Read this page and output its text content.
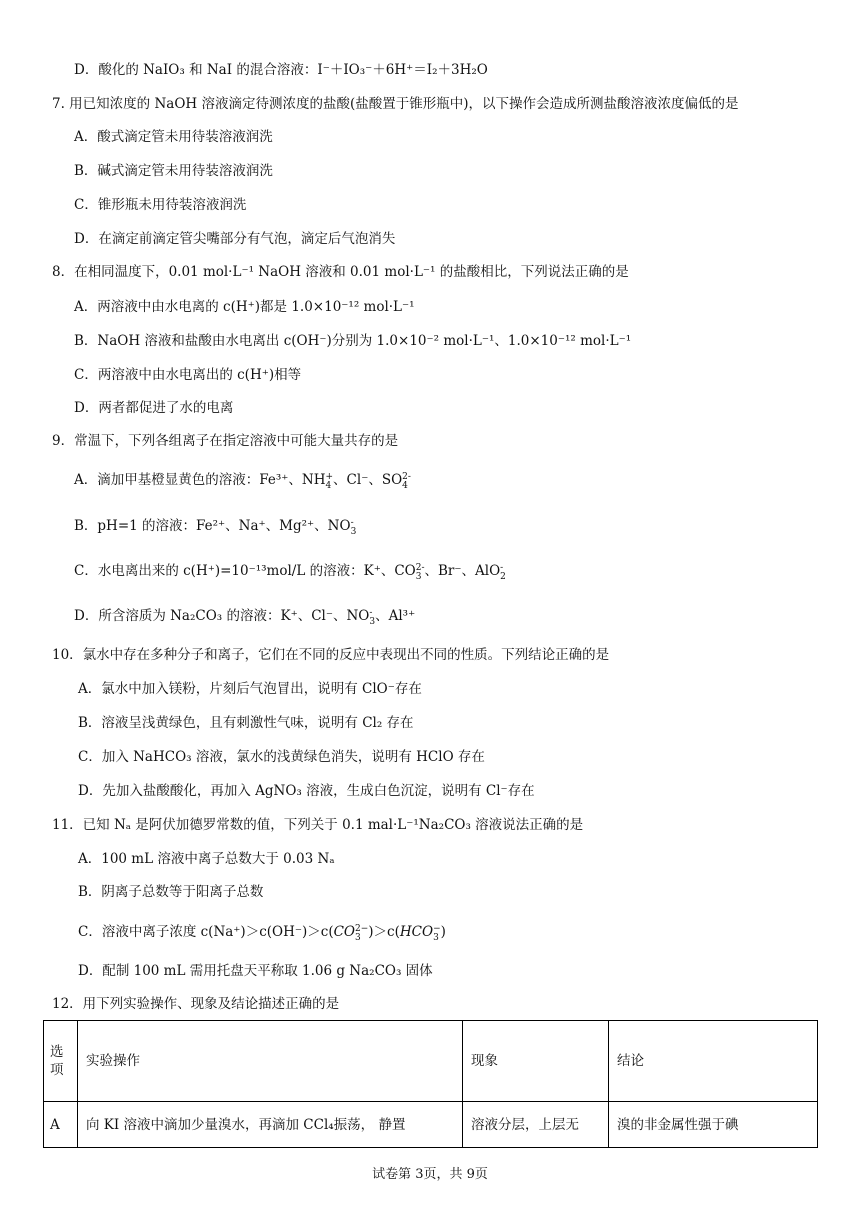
D．酸化的 NaIO₃ 和 NaI 的混合溶液：I⁻＋IO₃⁻＋6H⁺＝I₂＋3H₂O
7. 用已知浓度的 NaOH 溶液滴定待测浓度的盐酸(盐酸置于锥形瓶中)，以下操作会造成所测盐酸溶液浓度偏低的是
A．酸式滴定管未用待装溶液润洗
B．碱式滴定管未用待装溶液润洗
C．锥形瓶未用待装溶液润洗
D．在滴定前滴定管尖嘴部分有气泡，滴定后气泡消失
8．在相同温度下，0.01 mol·L⁻¹ NaOH 溶液和 0.01 mol·L⁻¹ 的盐酸相比，下列说法正确的是
A．两溶液中由水电离的 c(H⁺)都是 1.0×10⁻¹² mol·L⁻¹
B．NaOH 溶液和盐酸由水电离出 c(OH⁻)分别为 1.0×10⁻² mol·L⁻¹、1.0×10⁻¹² mol·L⁻¹
C．两溶液中由水电离出的 c(H⁺)相等
D．两者都促进了水的电离
9．常温下，下列各组离子在指定溶液中可能大量共存的是
A．滴加甲基橙显黄色的溶液：Fe³⁺、NH +
4 、Cl⁻、SO 2-
4
B．pH=1 的溶液：Fe²⁺、Na⁺、Mg²⁺、NO -
3
C．水电离出来的 c(H⁺)=10⁻¹³mol/L 的溶液：K⁺、CO 2-
3 、Br⁻、AlO -
2
D．所含溶质为 Na₂CO₃ 的溶液：K⁺、Cl⁻、NO -
3 、Al³⁺
10．氯水中存在多种分子和离子，它们在不同的反应中表现出不同的性质。下列结论正确的是
A．氯水中加入镁粉，片刻后气泡冒出，说明有 ClO⁻存在
B．溶液呈浅黄绿色，且有刺激性气味，说明有 Cl₂ 存在
C．加入 NaHCO₃ 溶液，氯水的浅黄绿色消失，说明有 HClO 存在
D．先加入盐酸酸化，再加入 AgNO₃ 溶液，生成白色沉淀，说明有 Cl⁻存在
11．已知 Nₐ 是阿伏加德罗常数的值，下列关于 0.1 mal·L⁻¹Na₂CO₃ 溶液说法正确的是
A．100 mL 溶液中离子总数大于 0.03 Nₐ
B．阴离子总数等于阳离子总数
C．溶液中离子浓度 c(Na⁺)＞c(OH⁻)＞c(CO 2−
3 )＞c(HCO −
3 )
D．配制 100 mL 需用托盘天平称取 1.06 g Na₂CO₃ 固体
12．用下列实验操作、现象及结论描述正确的是
选
项	实验操作	现象	结论
A	向 KI 溶液中滴加少量溴水，再滴加 CCl₄振荡， 静置	溶液分层，上层无	溴的非金属性强于碘
试卷第 3页，共 9页
